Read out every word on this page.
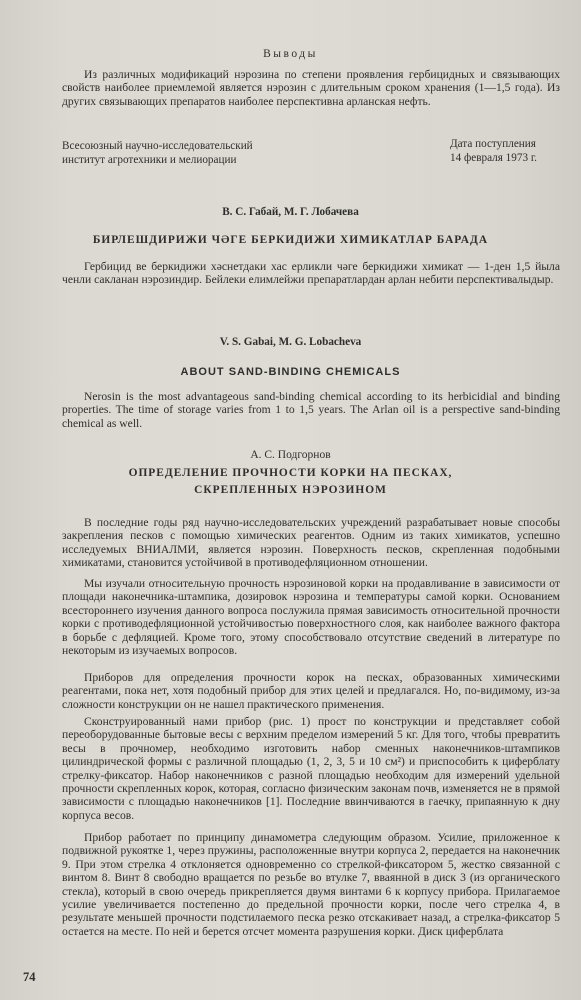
Выводы

Из различных модификаций нэрозина по степени проявления гербицидных и связывающих свойств наиболее приемлемой является нэрозин с длительным сроком хранения (1—1,5 года). Из других связывающих препаратов наиболее перспективна арланская нефть.

Всесоюзный научно-исследовательский
институт агротехники и мелиорации
Дата поступления
14 февраля 1973 г.

В. С. Габай, М. Г. Лобачева

БИРЛЕШДИРИЖИ ЧӘГЕ БЕРКИДИЖИ ХИМИКАТЛАР БАРАДА

Гербицид ве беркидижи хәснетдаки хас ерликли чәге беркидижи химикат — 1-ден 1,5 йыла ченли сакланан нэрозиндир. Бейлеки елимлейжи препаратлардан арлан небити перспективалыдыр.

V. S. Gabai, M. G. Lobacheva

ABOUT SAND-BINDING CHEMICALS

Nerosin is the most advantageous sand-binding chemical according to its herbicidial and binding properties. The time of storage varies from 1 to 1,5 years. The Arlan oil is a perspective sand-binding chemical as well.

А. С. Подгорнов

ОПРЕДЕЛЕНИЕ ПРОЧНОСТИ КОРКИ НА ПЕСКАХ,

СКРЕПЛЕННЫХ НЭРОЗИНОМ

В последние годы ряд научно-исследовательских учреждений разрабатывает новые способы закрепления песков с помощью химических реагентов. Одним из таких химикатов, успешно исследуемых ВНИАЛМИ, является нэрозин. Поверхность песков, скрепленная подобными химикатами, становится устойчивой в противодефляционном отношении.

Мы изучали относительную прочность нэрозиновой корки на продавливание в зависимости от площади наконечника-штампика, дозировок нэрозина и температуры самой корки. Основанием всестороннего изучения данного вопроса послужила прямая зависимость относительной прочности корки с противодефляционной устойчивостью поверхностного слоя, как наиболее важного фактора в борьбе с дефляцией. Кроме того, этому способствовало отсутствие сведений в литературе по некоторым из изучаемых вопросов.

Приборов для определения прочности корок на песках, образованных химическими реагентами, пока нет, хотя подобный прибор для этих целей и предлагался. Но, по-видимому, из-за сложности конструкции он не нашел практического применения.

Сконструированный нами прибор (рис. 1) прост по конструкции и представляет собой переоборудованные бытовые весы с верхним пределом измерений 5 кг. Для того, чтобы превратить весы в прочномер, необходимо изготовить набор сменных наконечников-штампиков цилиндрической формы с различной площадью (1, 2, 3, 5 и 10 см²) и приспособить к циферблату стрелку-фиксатор. Набор наконечников с разной площадью необходим для измерений удельной прочности скрепленных корок, которая, согласно физическим законам почв, изменяется не в прямой зависимости с площадью наконечников [1]. Последние ввинчиваются в гаечку, припаянную к дну корпуса весов.

Прибор работает по принципу динамометра следующим образом. Усилие, приложенное к подвижной рукоятке 1, через пружины, расположенные внутри корпуса 2, передается на наконечник 9. При этом стрелка 4 отклоняется одновременно со стрелкой-фиксатором 5, жестко связанной с винтом 8. Винт 8 свободно вращается по резьбе во втулке 7, вваянной в диск 3 (из органического стекла), который в свою очередь прикрепляется двумя винтами 6 к корпусу прибора. Прилагаемое усилие увеличивается постепенно до предельной прочности корки, после чего стрелка 4, в результате меньшей прочности подстилаемого песка резко отскакивает назад, а стрелка-фиксатор 5 остается на месте. По ней и берется отсчет момента разрушения корки. Диск циферблата

74
